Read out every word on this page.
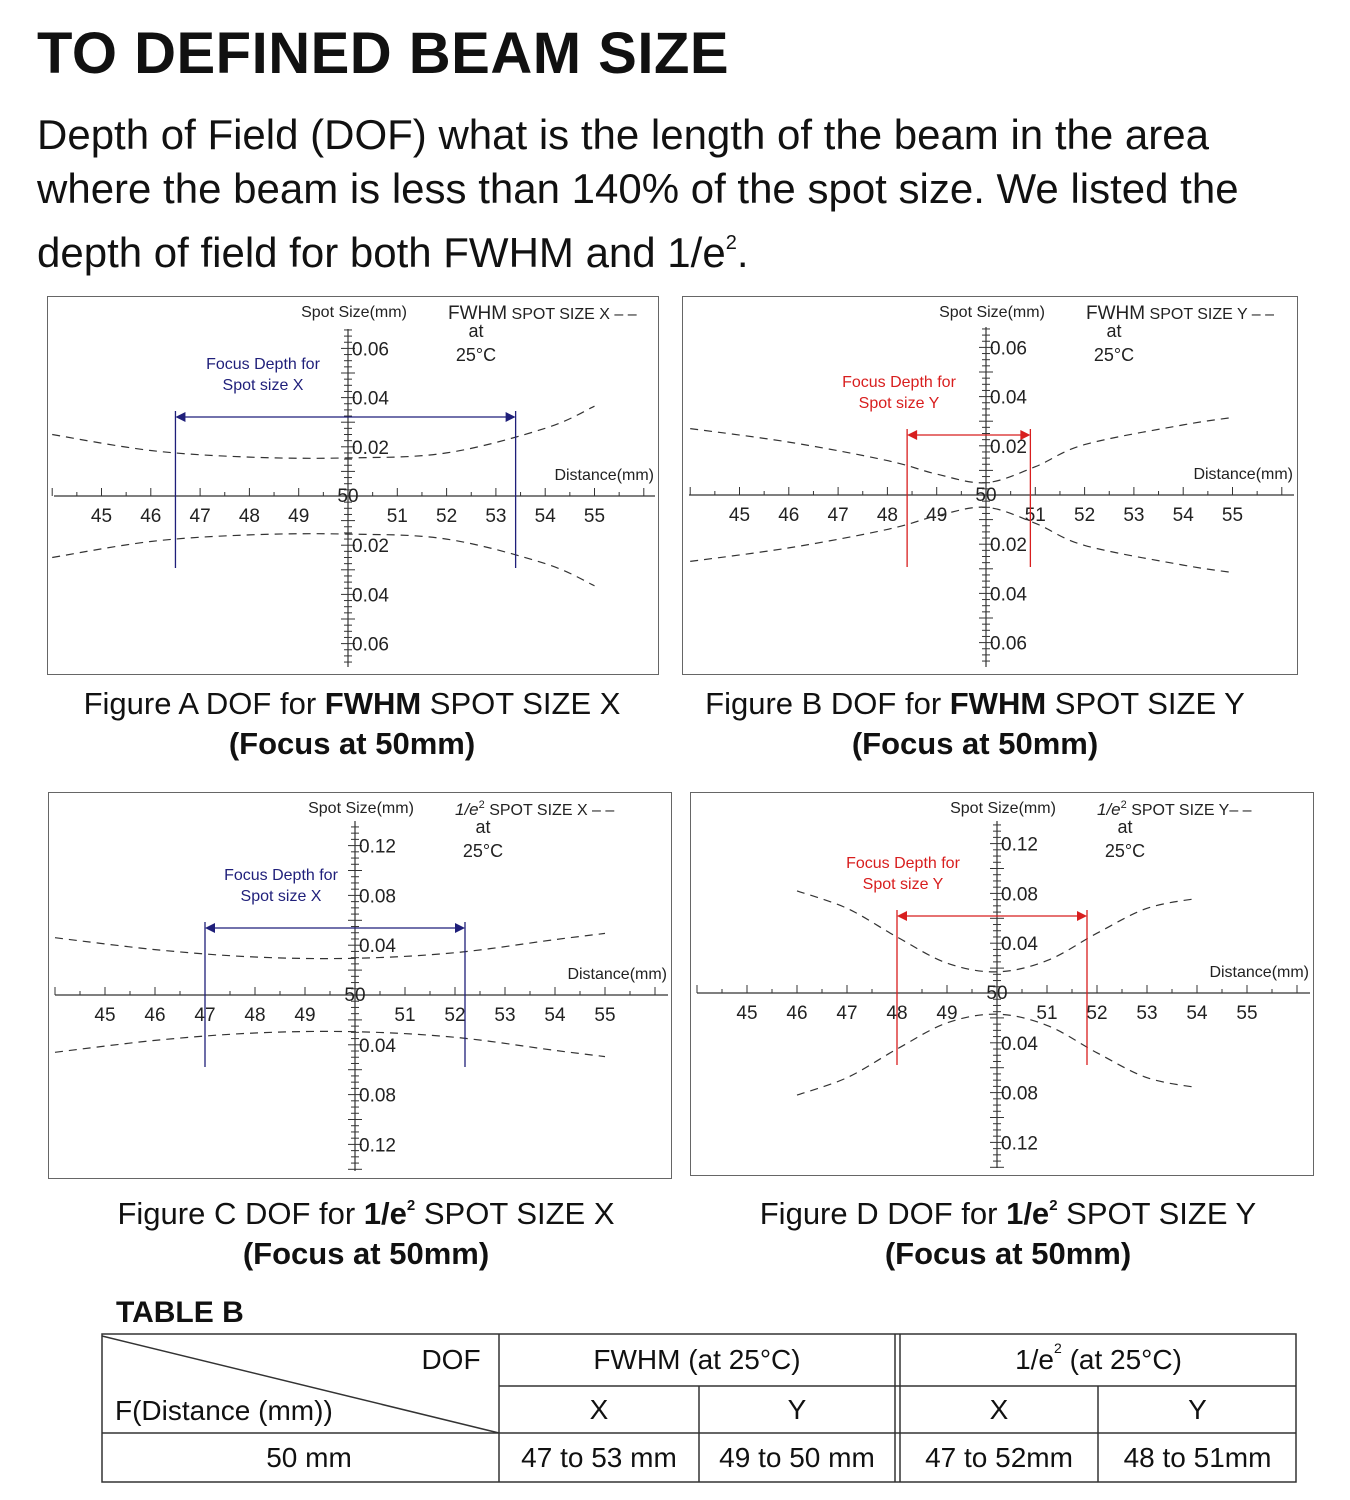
TO DEFINED BEAM SIZE

Depth of Field (DOF) what is the length of the beam in the area where the beam is less than 140% of the spot size. We listed the depth of field for both FWHM and $1/e^2$.

45 46 47 48 49	51 52 53 54 55
50
0.06
0.06
0.04
0.04
0.02
0.02
Spot Size(mm)
Distance(mm)
FWHM SPOT SIZE X – –
at
25°C
Focus Depth for
Spot size X
45 46 47 48 49	51 52 53 54 55
50
0.06
0.06
0.04
0.04
0.02
0.02
Spot Size(mm)
Distance(mm)
FWHM SPOT SIZE Y – –
at
25°C
Focus Depth for
Spot size Y
45 46 47 48 49	51 52 53 54 55
50
0.12
0.12
0.08
0.08
0.04
0.04
Spot Size(mm)
Distance(mm)
$1/e^2$ SPOT SIZE X – –
at
25°C
Focus Depth for
Spot size X
45 46 47 48 49	51 52 53 54 55
50
0.12
0.12
0.08
0.08
0.04
0.04
Spot Size(mm)
Distance(mm)
$1/e^2$ SPOT SIZE Y– –
at
25°C
Focus Depth for
Spot size Y
Figure A DOF for FWHM SPOT SIZE X
(Focus at 50mm)
Figure B DOF for FWHM SPOT SIZE Y
(Focus at 50mm)
Figure C DOF for $1/e^2$ SPOT SIZE X
(Focus at 50mm)
Figure D DOF for $1/e^2$ SPOT SIZE Y
(Focus at 50mm)
TABLE B
DOF
F(Distance (mm))
FWHM (at 25°C)	$1/e^2$ (at 25°C)
X	Y	X	Y
50 mm	47 to 53 mm	49 to 50 mm	47 to 52mm	48 to 51mm
